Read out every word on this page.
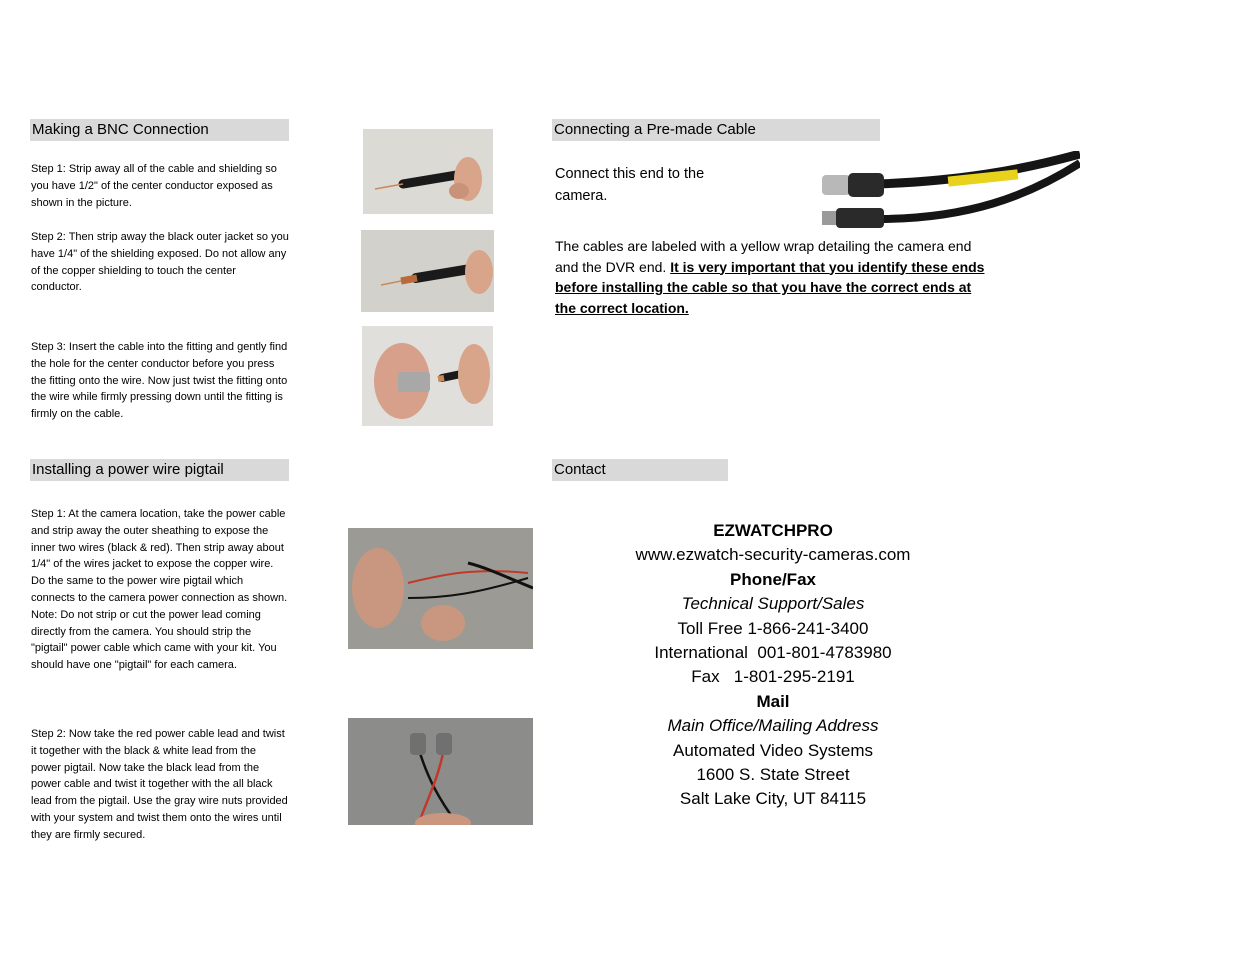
Making a BNC Connection

Step 1: Strip away all of the cable and shielding so you have 1/2" of the center conductor exposed as shown in the picture.

Step 2: Then strip away the black outer jacket so you have 1/4" of the shielding exposed. Do not allow any of the copper shielding to touch the center conductor.

Step 3: Insert the cable into the fitting and gently find the hole for the center conductor before you press the fitting onto the wire. Now just twist the fitting onto the wire while firmly pressing down until the fitting is firmly on the cable.

Connecting a Pre-made Cable

Connect this end to the camera.

The cables are labeled with a yellow wrap detailing the camera end and the DVR end. It is very important that you identify these ends before installing the cable so that you have the correct ends at the correct location.

Installing a power wire pigtail

Step 1: At the camera location, take the power cable and strip away the outer sheathing to expose the inner two wires (black & red). Then strip away about 1/4" of the wires jacket to expose the copper wire. Do the same to the power wire pigtail which connects to the camera power connection as shown. Note: Do not strip or cut the power lead coming directly from the camera. You should strip the "pigtail" power cable which came with your kit. You should have one "pigtail" for each camera.

Step 2: Now take the red power cable lead and twist it together with the black & white lead from the power pigtail. Now take the black lead from the power cable and twist it together with the all black lead from the pigtail. Use the gray wire nuts provided with your system and twist them onto the wires until they are firmly secured.

Contact
EZWATCHPRO
www.ezwatch-security-cameras.com
Phone/Fax
Technical Support/Sales
Toll Free 1-866-241-3400
International  001-801-4783980
Fax   1-801-295-2191
Mail
Main Office/Mailing Address
Automated Video Systems
1600 S. State Street
Salt Lake City, UT 84115
